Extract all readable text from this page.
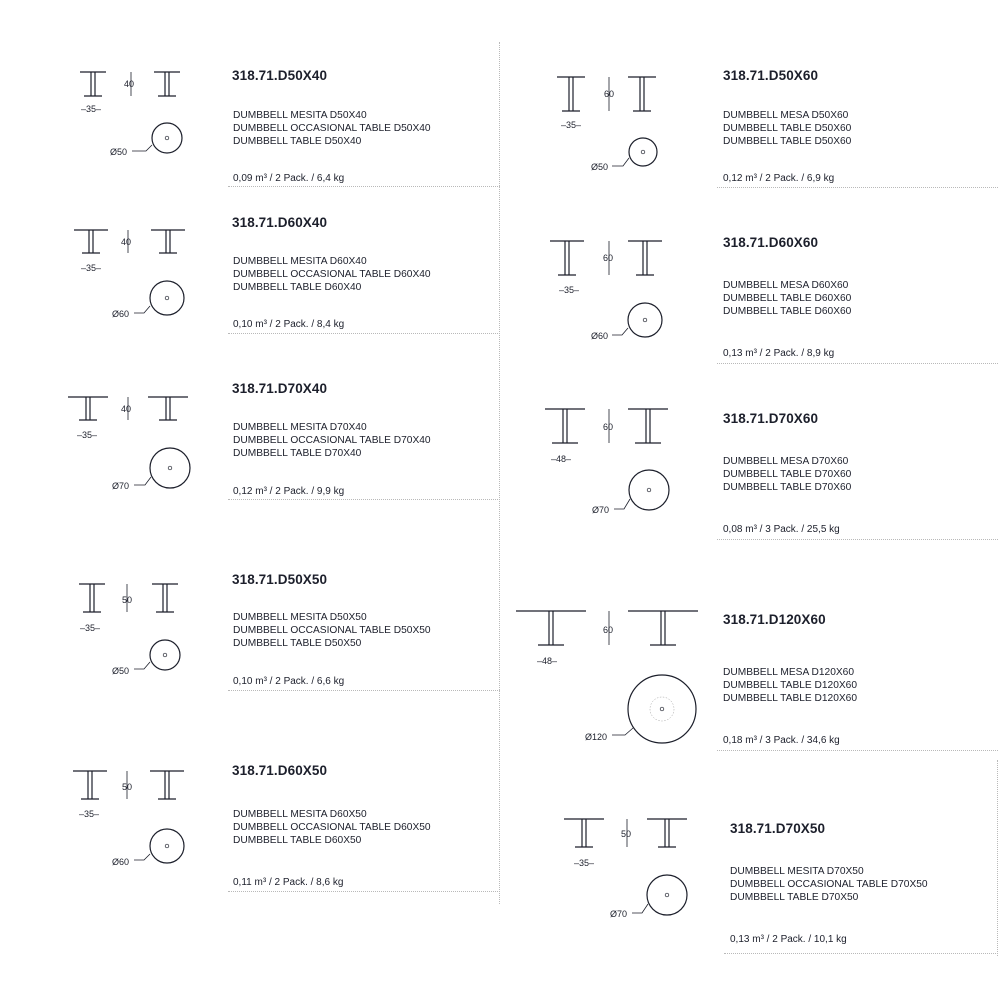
40
–35–
Ø50
318.71.D50X40
DUMBBELL MESITA D50X40
DUMBBELL OCCASIONAL TABLE D50X40
DUMBBELL TABLE D50X40
0,09 m³ / 2 Pack. / 6,4 kg
40
–35–
Ø60
318.71.D60X40
DUMBBELL MESITA D60X40
DUMBBELL OCCASIONAL TABLE D60X40
DUMBBELL TABLE D60X40
0,10 m³ / 2 Pack. / 8,4 kg
40
–35–
Ø70
318.71.D70X40
DUMBBELL MESITA D70X40
DUMBBELL OCCASIONAL TABLE D70X40
DUMBBELL TABLE D70X40
0,12 m³ / 2 Pack. / 9,9 kg
50
–35–
Ø50
318.71.D50X50
DUMBBELL MESITA D50X50
DUMBBELL OCCASIONAL TABLE D50X50
DUMBBELL TABLE D50X50
0,10 m³ / 2 Pack. / 6,6 kg
50
–35–
Ø60
318.71.D60X50
DUMBBELL MESITA D60X50
DUMBBELL OCCASIONAL TABLE D60X50
DUMBBELL TABLE D60X50
0,11 m³ / 2 Pack. / 8,6 kg
60
–35–
Ø50
318.71.D50X60
DUMBBELL MESA D50X60
DUMBBELL TABLE D50X60
DUMBBELL TABLE D50X60
0,12 m³ / 2 Pack. / 6,9 kg
60
–35–
Ø60
318.71.D60X60
DUMBBELL MESA D60X60
DUMBBELL TABLE D60X60
DUMBBELL TABLE D60X60
0,13 m³ / 2 Pack. / 8,9 kg
60
–48–
Ø70
318.71.D70X60
DUMBBELL MESA D70X60
DUMBBELL TABLE D70X60
DUMBBELL TABLE D70X60
0,08 m³ / 3 Pack. / 25,5 kg
60
–48–
Ø120
318.71.D120X60
DUMBBELL MESA D120X60
DUMBBELL TABLE D120X60
DUMBBELL TABLE D120X60
0,18 m³ / 3 Pack. / 34,6 kg
50
–35–
Ø70
318.71.D70X50
DUMBBELL MESITA D70X50
DUMBBELL OCCASIONAL TABLE D70X50
DUMBBELL TABLE D70X50
0,13 m³ / 2 Pack. / 10,1 kg
